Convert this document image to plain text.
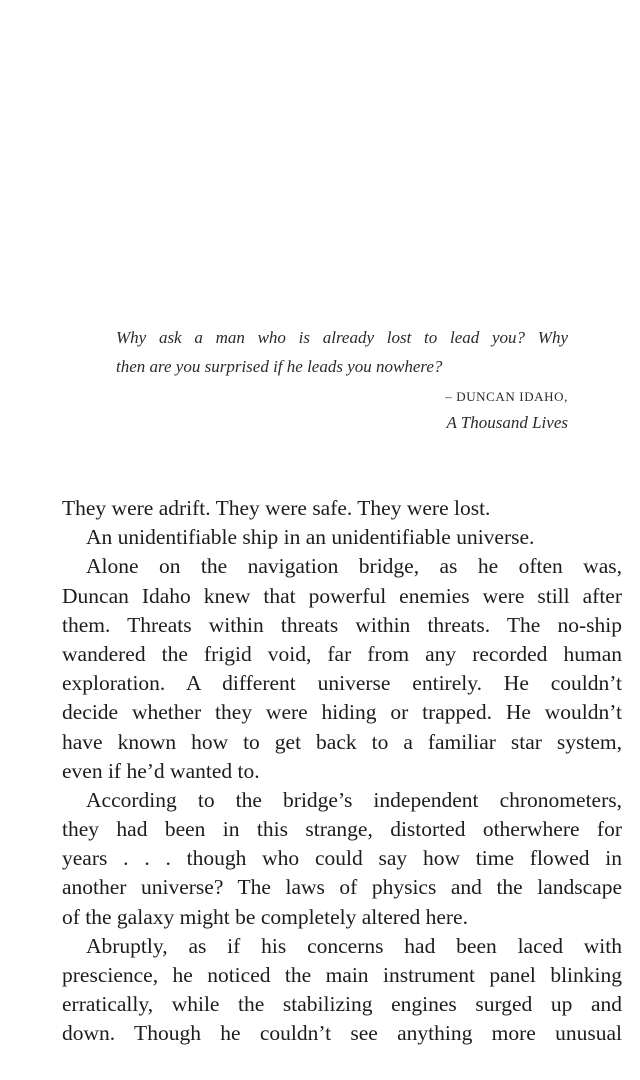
Why ask a man who is already lost to lead you? Why
then are you surprised if he leads you nowhere?
– DUNCAN IDAHO,
A Thousand Lives
They were adrift. They were safe. They were lost.
An unidentifiable ship in an unidentifiable universe.
Alone on the navigation bridge, as he often was,
Duncan Idaho knew that powerful enemies were still after
them. Threats within threats within threats. The no-ship
wandered the frigid void, far from any recorded human
exploration. A different universe entirely. He couldn’t
decide whether they were hiding or trapped. He wouldn’t
have known how to get back to a familiar star system,
even if he’d wanted to.
According to the bridge’s independent chronometers,
they had been in this strange, distorted otherwhere for
years . . . though who could say how time flowed in
another universe? The laws of physics and the landscape
of the galaxy might be completely altered here.
Abruptly, as if his concerns had been laced with
prescience, he noticed the main instrument panel blinking
erratically, while the stabilizing engines surged up and
down. Though he couldn’t see anything more unusual
